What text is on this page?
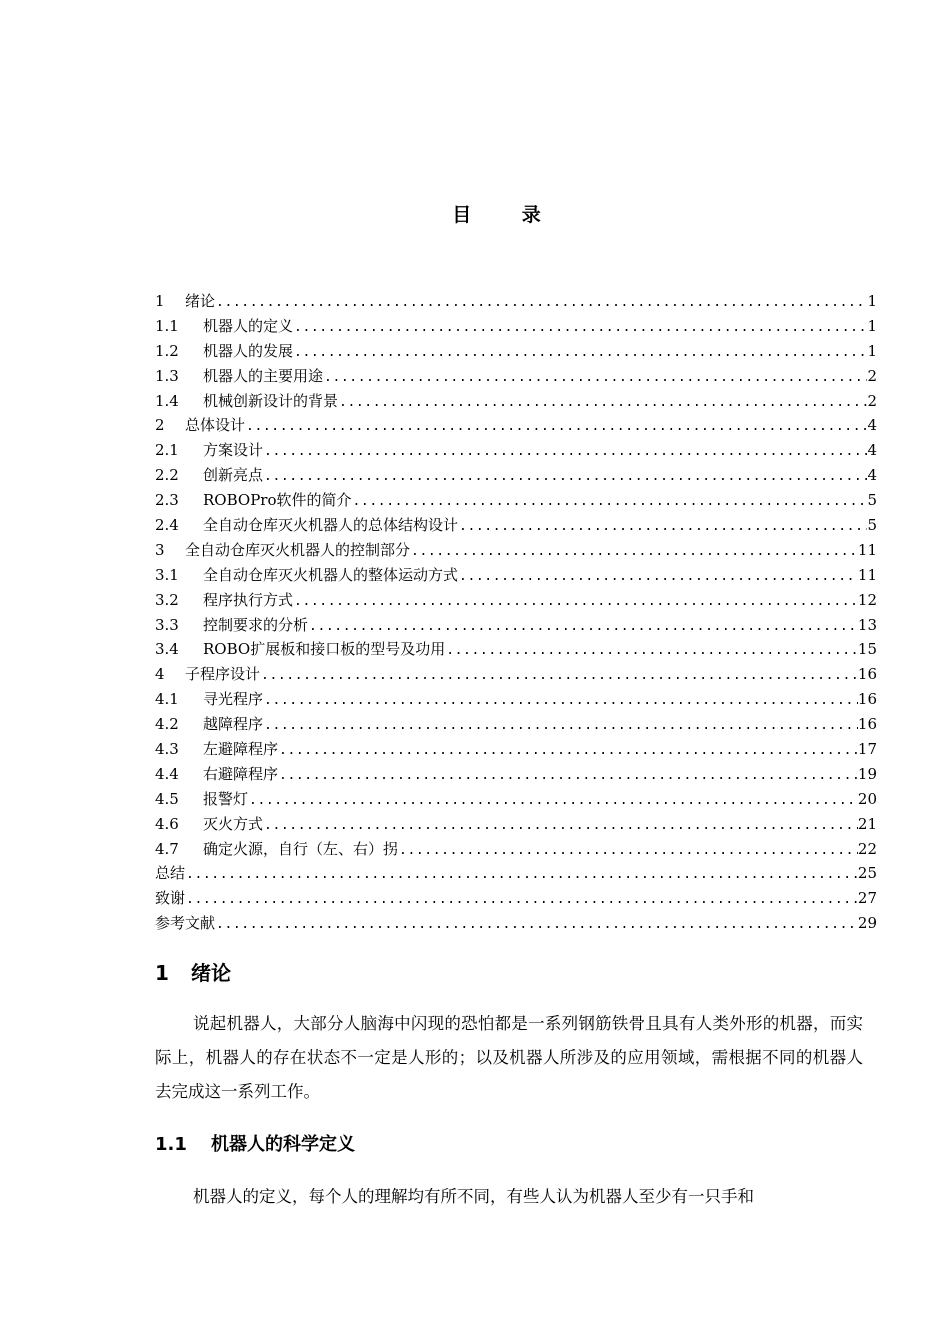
目 录
1	绪论 .....	1
1.1	机器人的定义 .....	1
1.2	机器人的发展 .....	1
1.3	机器人的主要用途 .....	2
1.4	机械创新设计的背景 .....	2
2	总体设计 .....	4
2.1	方案设计 .....	4
2.2	创新亮点 .....	4
2.3	ROBOPro软件的简介 .....	5
2.4	全自动仓库灭火机器人的总体结构设计 .....	5
3	全自动仓库灭火机器人的控制部分 .....	11
3.1	全自动仓库灭火机器人的整体运动方式 .....	11
3.2	程序执行方式 .....	12
3.3	控制要求的分析 .....	13
3.4	ROBO扩展板和接口板的型号及功用 .....	15
4	子程序设计 .....	16
4.1	寻光程序 .....	16
4.2	越障程序 .....	16
4.3	左避障程序 .....	17
4.4	右避障程序 .....	19
4.5	报警灯 .....	20
4.6	灭火方式 .....	21
4.7	确定火源，自行（左、右）拐 .....	22
总结 .....	25
致谢 .....	27
参考文献 .....	29
1 绪论
说起机器人，大部分人脑海中闪现的恐怕都是一系列钢筋铁骨且具有人类外形的机器，而实际上，机器人的存在状态不一定是人形的；以及机器人所涉及的应用领域，需根据不同的机器人去完成这一系列工作。
1.1 机器人的科学定义
机器人的定义，每个人的理解均有所不同，有些人认为机器人至少有一只手和
